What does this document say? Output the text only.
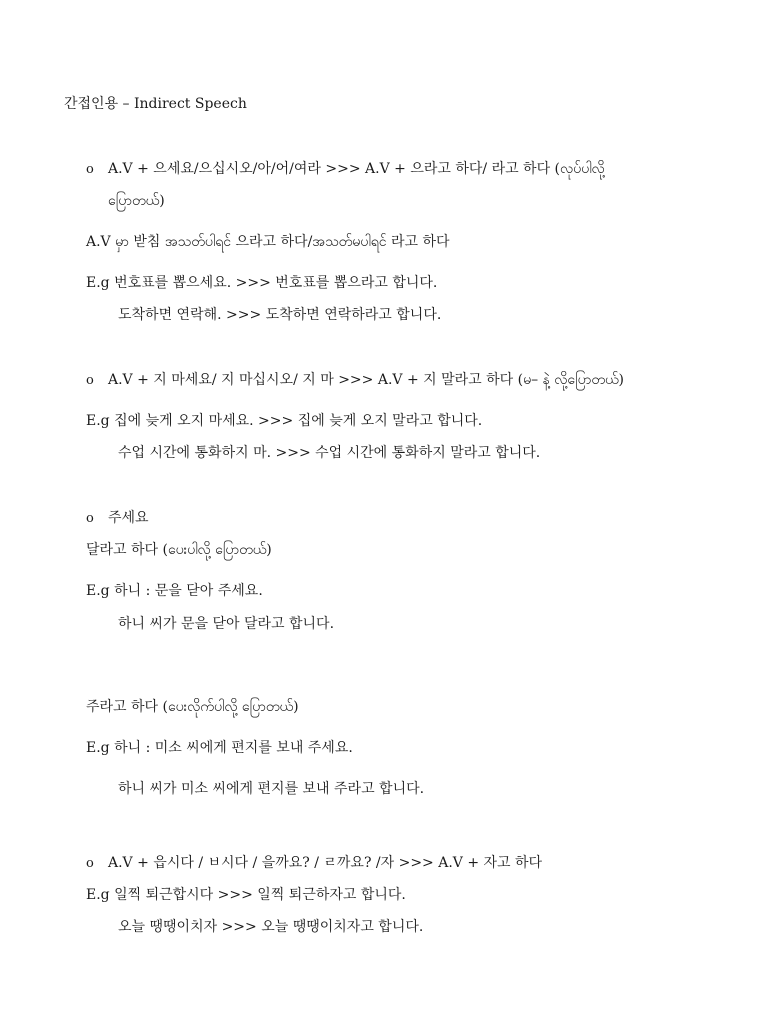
간접인용 – Indirect Speech
o A.V + 으세요/으십시오/아/어/여라 >>> A.V + 으라고 하다/ 라고 하다 (လုပ်ပါလို့
ပြောတယ်)
A.V မှာ 받침 အသတ်ပါရင် 으라고 하다/အသတ်မပါရင် 라고 하다
E.g 번호표를 뽑으세요. >>> 번호표를 뽑으라고 합니다.
도착하면 연락해. >>> 도착하면 연락하라고 합니다.
o A.V + 지 마세요/ 지 마십시오/ 지 마 >>> A.V + 지 말라고 하다 (မ– နဲ့ လို့ပြောတယ်)
E.g 집에 늦게 오지 마세요. >>> 집에 늦게 오지 말라고 합니다.
수업 시간에 통화하지 마. >>> 수업 시간에 통화하지 말라고 합니다.
o 주세요
달라고 하다 (ပေးပါလို့ ပြောတယ်)
E.g 하니 : 문을 닫아 주세요.
하니 씨가 문을 닫아 달라고 합니다.
주라고 하다 (ပေးလိုက်ပါလို့ ပြောတယ်)
E.g 하니 : 미소 씨에게 편지를 보내 주세요.
하니 씨가 미소 씨에게 편지를 보내 주라고 합니다.
o A.V + 읍시다 / ㅂ시다 / 을까요? / ㄹ까요? /자 >>> A.V + 자고 하다
E.g 일찍 퇴근합시다 >>> 일찍 퇴근하자고 합니다.
오늘 땡땡이치자 >>> 오늘 땡땡이치자고 합니다.
